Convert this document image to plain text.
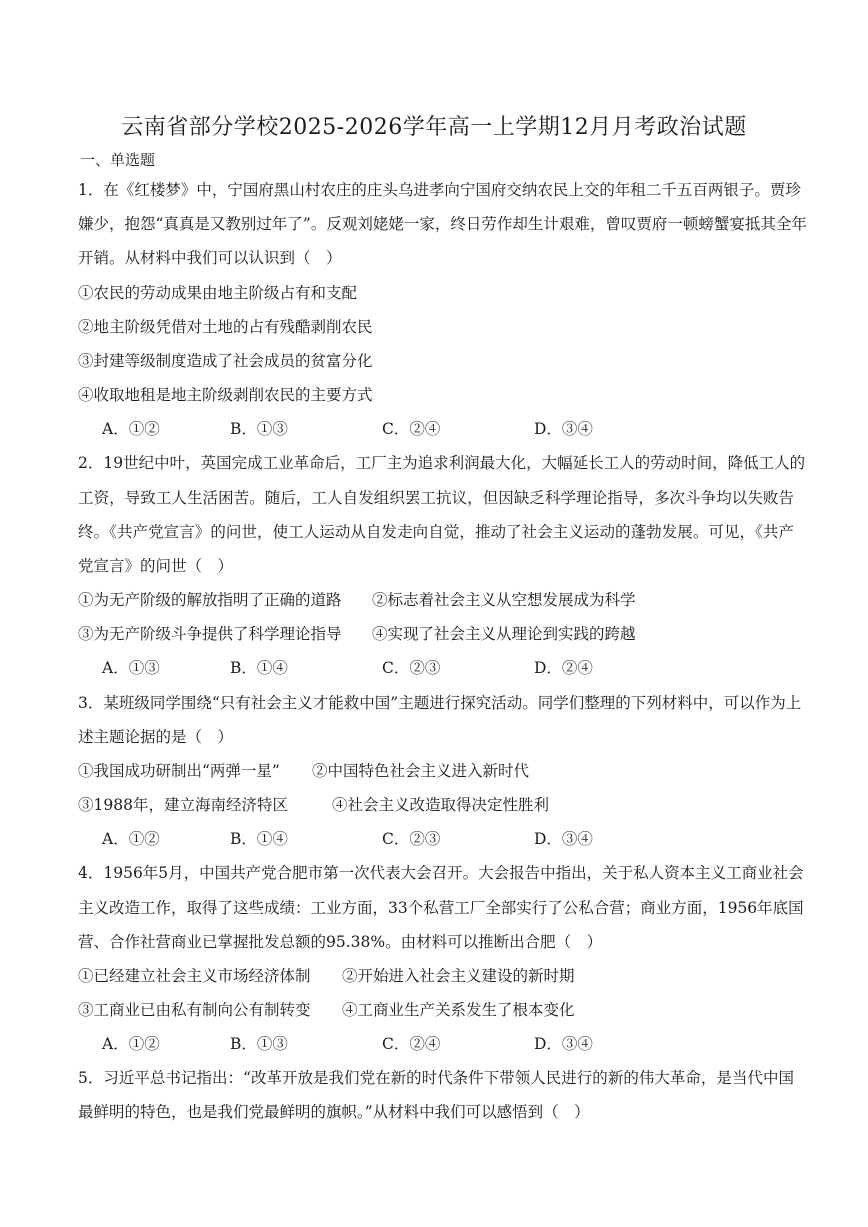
云南省部分学校2025-2026学年高一上学期12月月考政治试题
一、单选题
1．在《红楼梦》中，宁国府黑山村农庄的庄头乌进孝向宁国府交纳农民上交的年租二千五百两银子。贾珍
嫌少，抱怨“真真是又教别过年了”。反观刘姥姥一家，终日劳作却生计艰难，曾叹贾府一顿螃蟹宴抵其全年
开销。从材料中我们可以认识到（　）
①农民的劳动成果由地主阶级占有和支配
②地主阶级凭借对土地的占有残酷剥削农民
③封建等级制度造成了社会成员的贫富分化
④收取地租是地主阶级剥削农民的主要方式
A．①②	B．①③	C．②④	D．③④
2．19世纪中叶，英国完成工业革命后，工厂主为追求利润最大化，大幅延长工人的劳动时间，降低工人的
工资，导致工人生活困苦。随后，工人自发组织罢工抗议，但因缺乏科学理论指导，多次斗争均以失败告
终。《共产党宣言》的问世，使工人运动从自发走向自觉，推动了社会主义运动的蓬勃发展。可见，《共产
党宣言》的问世（　）
①为无产阶级的解放指明了正确的道路 ②标志着社会主义从空想发展成为科学
③为无产阶级斗争提供了科学理论指导 ④实现了社会主义从理论到实践的跨越
A．①③	B．①④	C．②③	D．②④
3．某班级同学围绕“只有社会主义才能救中国”主题进行探究活动。同学们整理的下列材料中，可以作为上
述主题论据的是（　）
①我国成功研制出“两弹一星” ②中国特色社会主义进入新时代
③1988年，建立海南经济特区	④社会主义改造取得决定性胜利
A．①②	B．①④	C．②③	D．③④
4．1956年5月，中国共产党合肥市第一次代表大会召开。大会报告中指出，关于私人资本主义工商业社会
主义改造工作，取得了这些成绩：工业方面，33个私营工厂全部实行了公私合营；商业方面，1956年底国
营、合作社营商业已掌握批发总额的95.38%。由材料可以推断出合肥（　）
①已经建立社会主义市场经济体制 ②开始进入社会主义建设的新时期
③工商业已由私有制向公有制转变 ④工商业生产关系发生了根本变化
A．①②	B．①③	C．②④	D．③④
5．习近平总书记指出：“改革开放是我们党在新的时代条件下带领人民进行的新的伟大革命，是当代中国
最鲜明的特色，也是我们党最鲜明的旗帜。”从材料中我们可以感悟到（　）
